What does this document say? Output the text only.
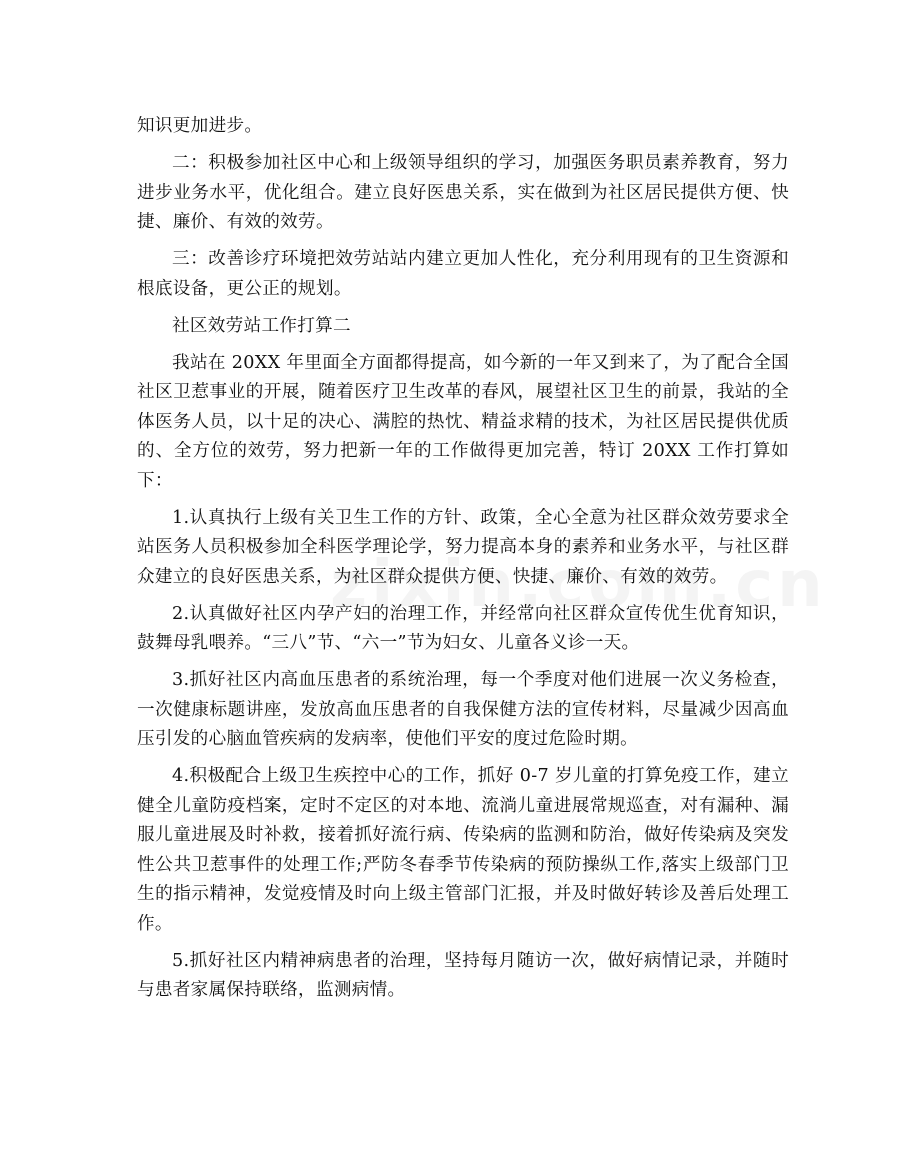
知识更加进步。

二：积极参加社区中心和上级领导组织的学习，加强医务职员素养教育，努力进步业务水平，优化组合。建立良好医患关系，实在做到为社区居民提供方便、快捷、廉价、有效的效劳。

三：改善诊疗环境把效劳站站内建立更加人性化，充分利用现有的卫生资源和根底设备，更公正的规划。

社区效劳站工作打算二

我站在 20XX 年里面全方面都得提高，如今新的一年又到来了，为了配合全国社区卫惹事业的开展，随着医疗卫生改革的春风，展望社区卫生的前景，我站的全体医务人员，以十足的决心、满腔的热忱、精益求精的技术，为社区居民提供优质的、全方位的效劳，努力把新一年的工作做得更加完善，特订 20XX 工作打算如下：

1.认真执行上级有关卫生工作的方针、政策，全心全意为社区群众效劳要求全站医务人员积极参加全科医学理论学，努力提高本身的素养和业务水平，与社区群众建立的良好医患关系，为社区群众提供方便、快捷、廉价、有效的效劳。

2.认真做好社区内孕产妇的治理工作，并经常向社区群众宣传优生优育知识，鼓舞母乳喂养。“三八”节、“六一”节为妇女、儿童各义诊一天。

3.抓好社区内高血压患者的系统治理，每一个季度对他们进展一次义务检查，一次健康标题讲座，发放高血压患者的自我保健方法的宣传材料，尽量减少因高血压引发的心脑血管疾病的发病率，使他们平安的度过危险时期。

4.积极配合上级卫生疾控中心的工作，抓好 0-7 岁儿童的打算免疫工作，建立健全儿童防疫档案，定时不定区的对本地、流淌儿童进展常规巡查，对有漏种、漏服儿童进展及时补救，接着抓好流行病、传染病的监测和防治，做好传染病及突发性公共卫惹事件的处理工作;严防冬春季节传染病的预防操纵工作,落实上级部门卫生的指示精神，发觉疫情及时向上级主管部门汇报，并及时做好转诊及善后处理工作。

5.抓好社区内精神病患者的治理，坚持每月随访一次，做好病情记录，并随时与患者家属保持联络，监测病情。
